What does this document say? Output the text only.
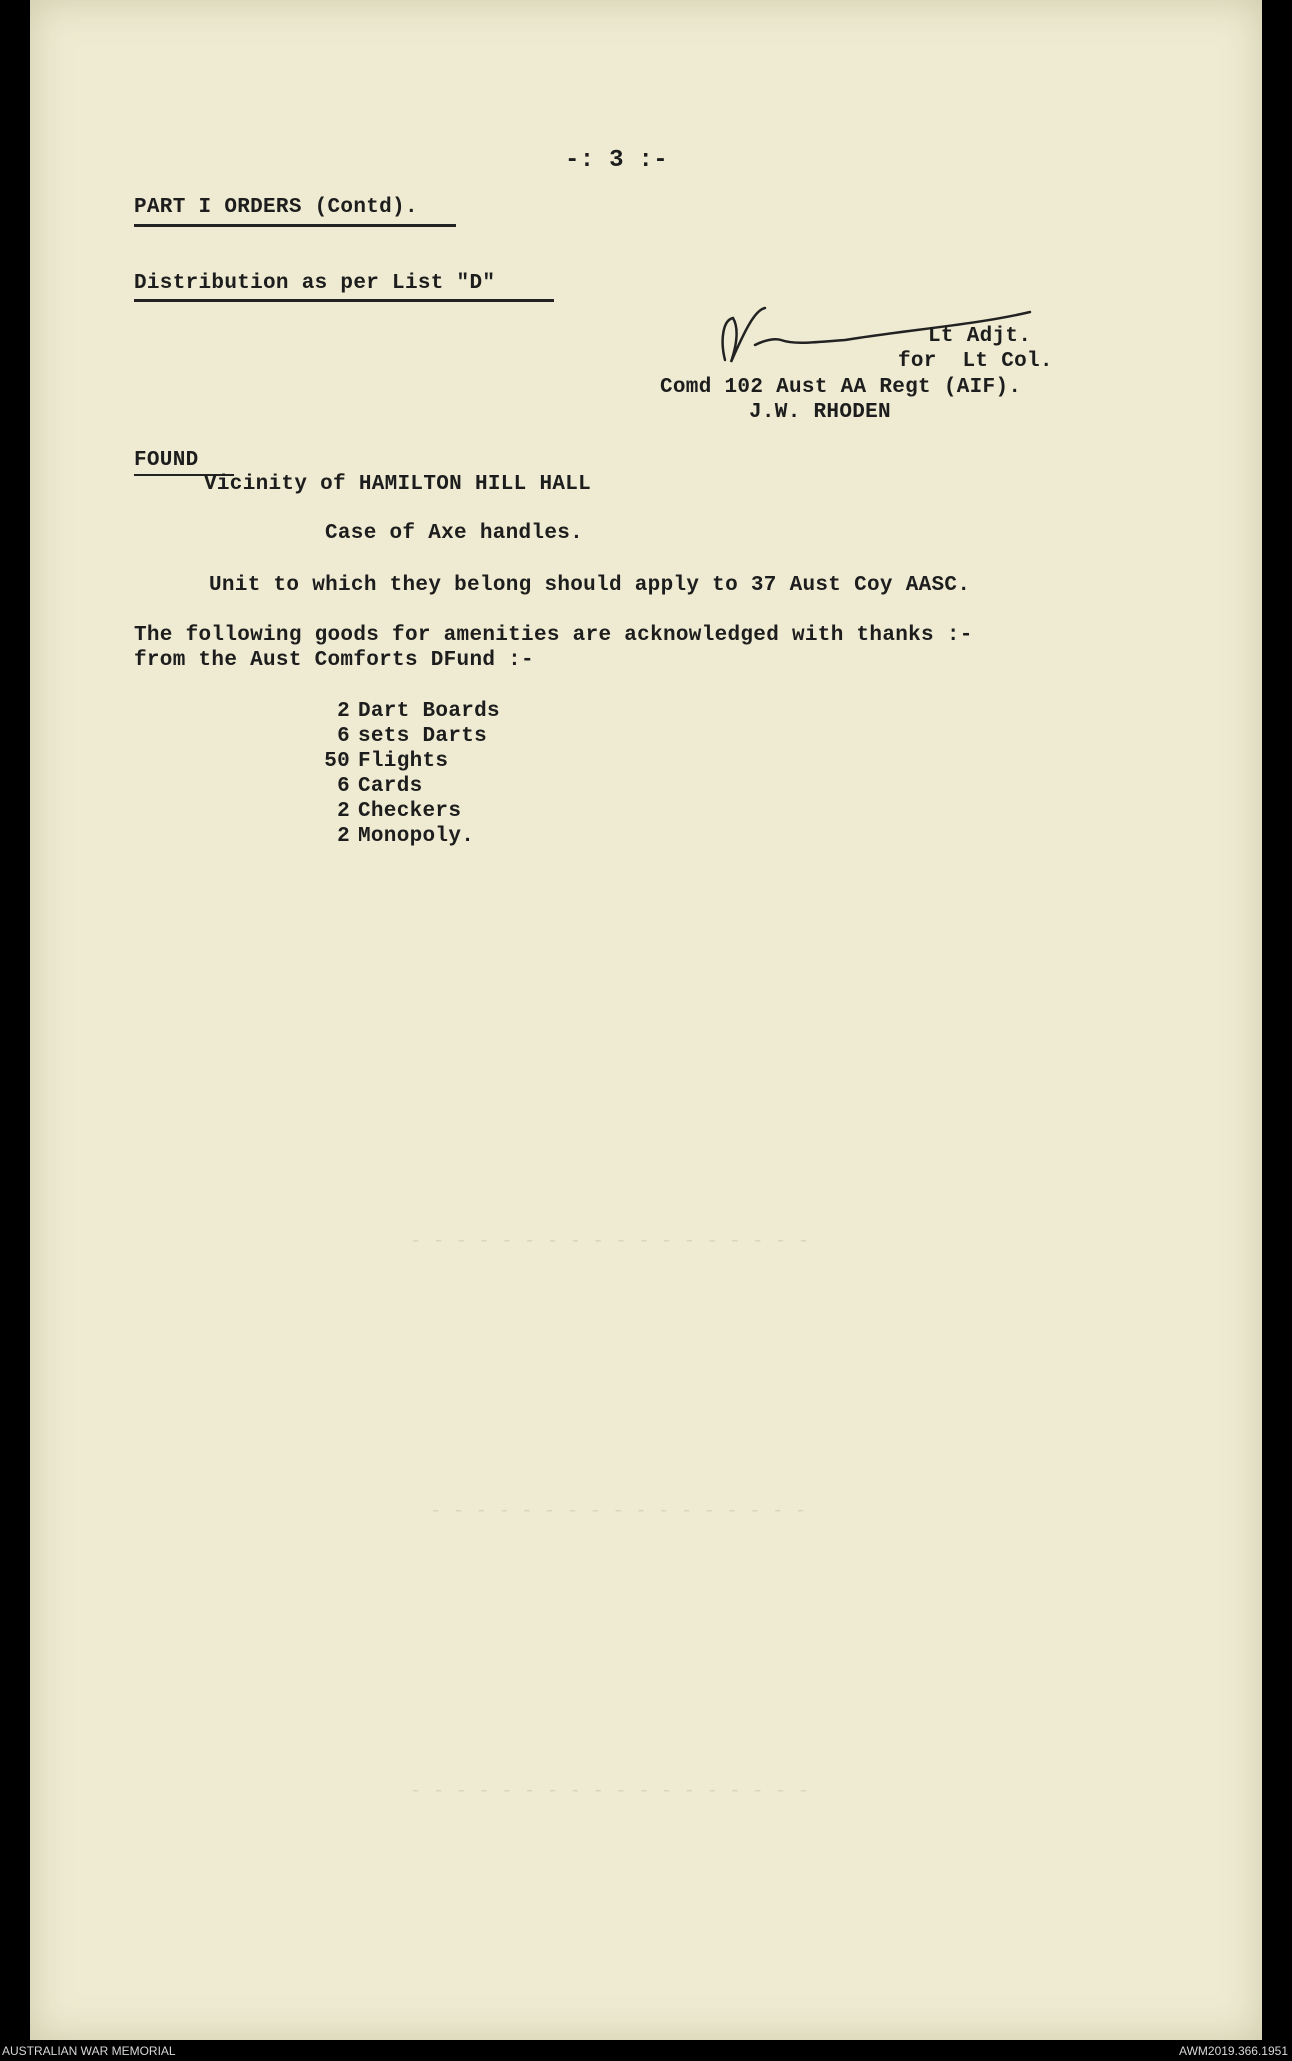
-: 3 :-
PART I ORDERS (Contd).
Distribution as per List "D"
Lt Adjt.
for  Lt Col.
Comd 102 Aust AA Regt (AIF).
J.W. RHODEN
FOUND
Vicinity of HAMILTON HILL HALL
Case of Axe handles.
Unit to which they belong should apply to 37 Aust Coy AASC.
The following goods for amenities are acknowledged with thanks :-
from the Aust Comforts DFund :-
2 Dart Boards
6 sets Darts
50 Flights
6 Cards
2 Checkers
2 Monopoly.
- - - - - - - - - - - - - - - - - -
- - - - - - - - - - - - - - - - -
- - - - - - - - - - - - - - - - - -
AUSTRALIAN WAR MEMORIAL	AWM2019.366.1951
